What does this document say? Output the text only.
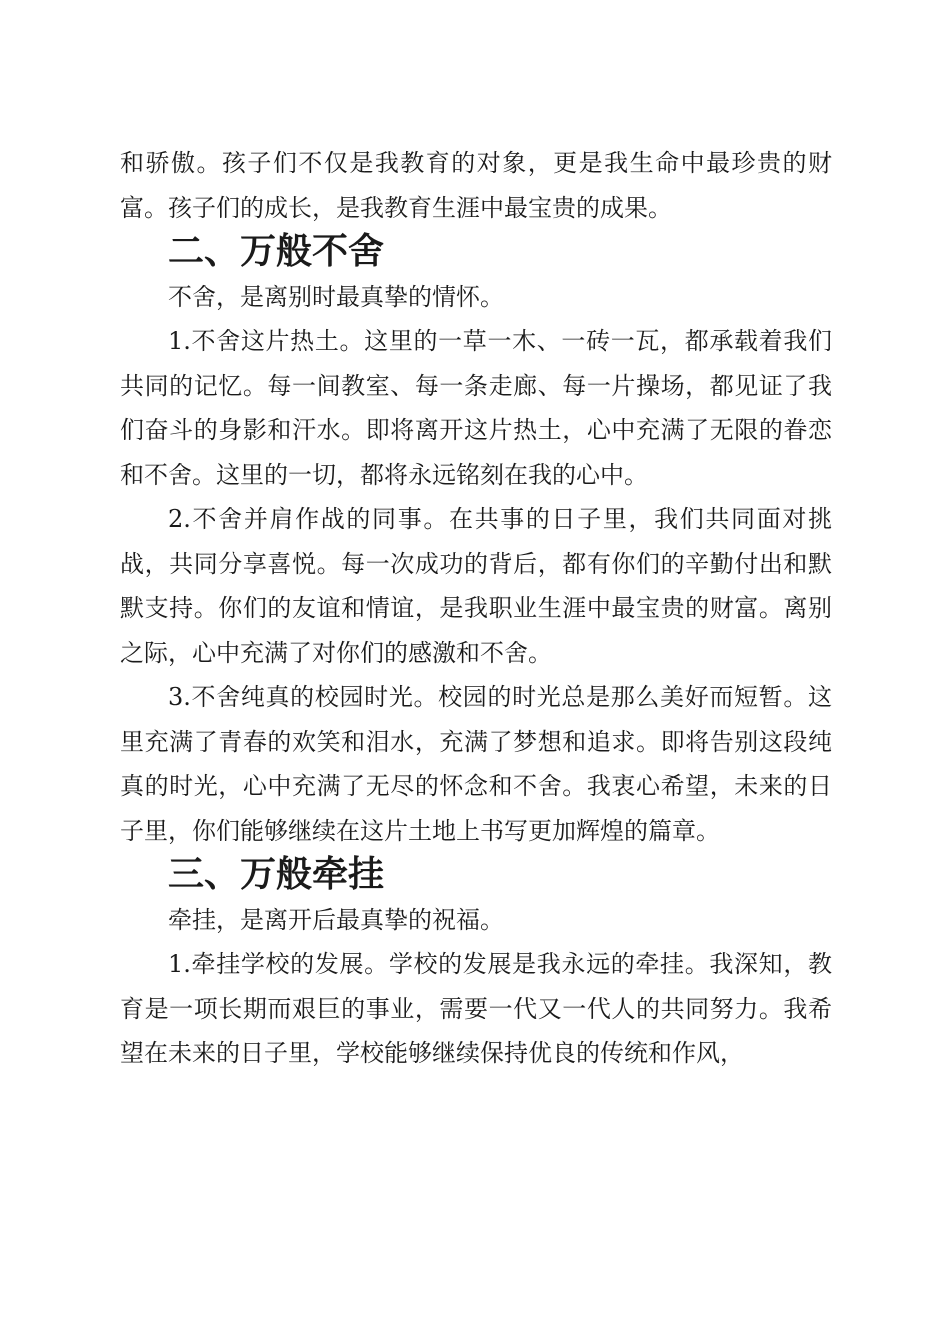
和骄傲。孩子们不仅是我教育的对象，更是我生命中最珍贵的财富。孩子们的成长，是我教育生涯中最宝贵的成果。

二、万般不舍

不舍，是离别时最真挚的情怀。

1.不舍这片热土。这里的一草一木、一砖一瓦，都承载着我们共同的记忆。每一间教室、每一条走廊、每一片操场，都见证了我们奋斗的身影和汗水。即将离开这片热土，心中充满了无限的眷恋和不舍。这里的一切，都将永远铭刻在我的心中。

2.不舍并肩作战的同事。在共事的日子里，我们共同面对挑战，共同分享喜悦。每一次成功的背后，都有你们的辛勤付出和默默支持。你们的友谊和情谊，是我职业生涯中最宝贵的财富。离别之际，心中充满了对你们的感激和不舍。

3.不舍纯真的校园时光。校园的时光总是那么美好而短暂。这里充满了青春的欢笑和泪水，充满了梦想和追求。即将告别这段纯真的时光，心中充满了无尽的怀念和不舍。我衷心希望，未来的日子里，你们能够继续在这片土地上书写更加辉煌的篇章。

三、万般牵挂

牵挂，是离开后最真挚的祝福。

1.牵挂学校的发展。学校的发展是我永远的牵挂。我深知，教育是一项长期而艰巨的事业，需要一代又一代人的共同努力。我希望在未来的日子里，学校能够继续保持优良的传统和作风，
